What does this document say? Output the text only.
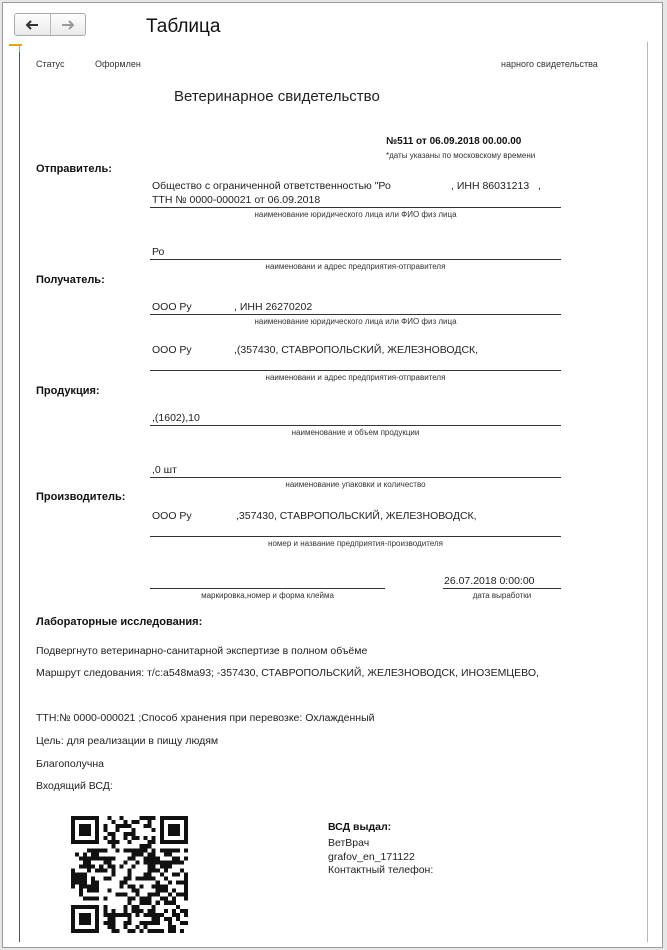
Таблица
Статус	Оформлен	нарного свидетельства
Ветеринарное свидетельство
№511 от 06.09.2018 00.00.00
*даты указаны по московскому времени
Отправитель:
Общество с ограниченной ответственностью "Ро	, ИНН 86031213 ,
ТТН № 0000-000021 от 06.09.2018
наименование юридического лица или ФИО физ лица
Ро
наименовани и адрес предприятия-отправителя
Получатель:
ООО Ру	, ИНН 26270202
наименование юридического лица или ФИО физ лица
ООО Ру	,(357430, СТАВРОПОЛЬСКИЙ, ЖЕЛЕЗНОВОДСК,
наименовани и адрес предприятия-отправителя
Продукция:
,(1602),10
наименование и объем продукции
,0 шт
наименование упаковки и количество
Производитель:
ООО Ру	,357430, СТАВРОПОЛЬСКИЙ, ЖЕЛЕЗНОВОДСК,
номер и название предприятия-производителя
маркировка,номер и форма клейма
26.07.2018 0:00:00
дата выработки
Лабораторные исследования:
Подвергнуто ветеринарно-санитарной экспертизе в полном объёме
Маршрут следования: т/с:а548ма93; -357430, СТАВРОПОЛЬСКИЙ, ЖЕЛЕЗНОВОДСК, ИНОЗЕМЦЕВО,
ТТН:№ 0000-000021 ;Способ хранения при перевозке: Охлажденный
Цель: для реализации в пищу людям
Благополучна
Входящий ВСД:
ВСД выдал:
ВетВрач
grafov_en_171122
Контактный телефон:
